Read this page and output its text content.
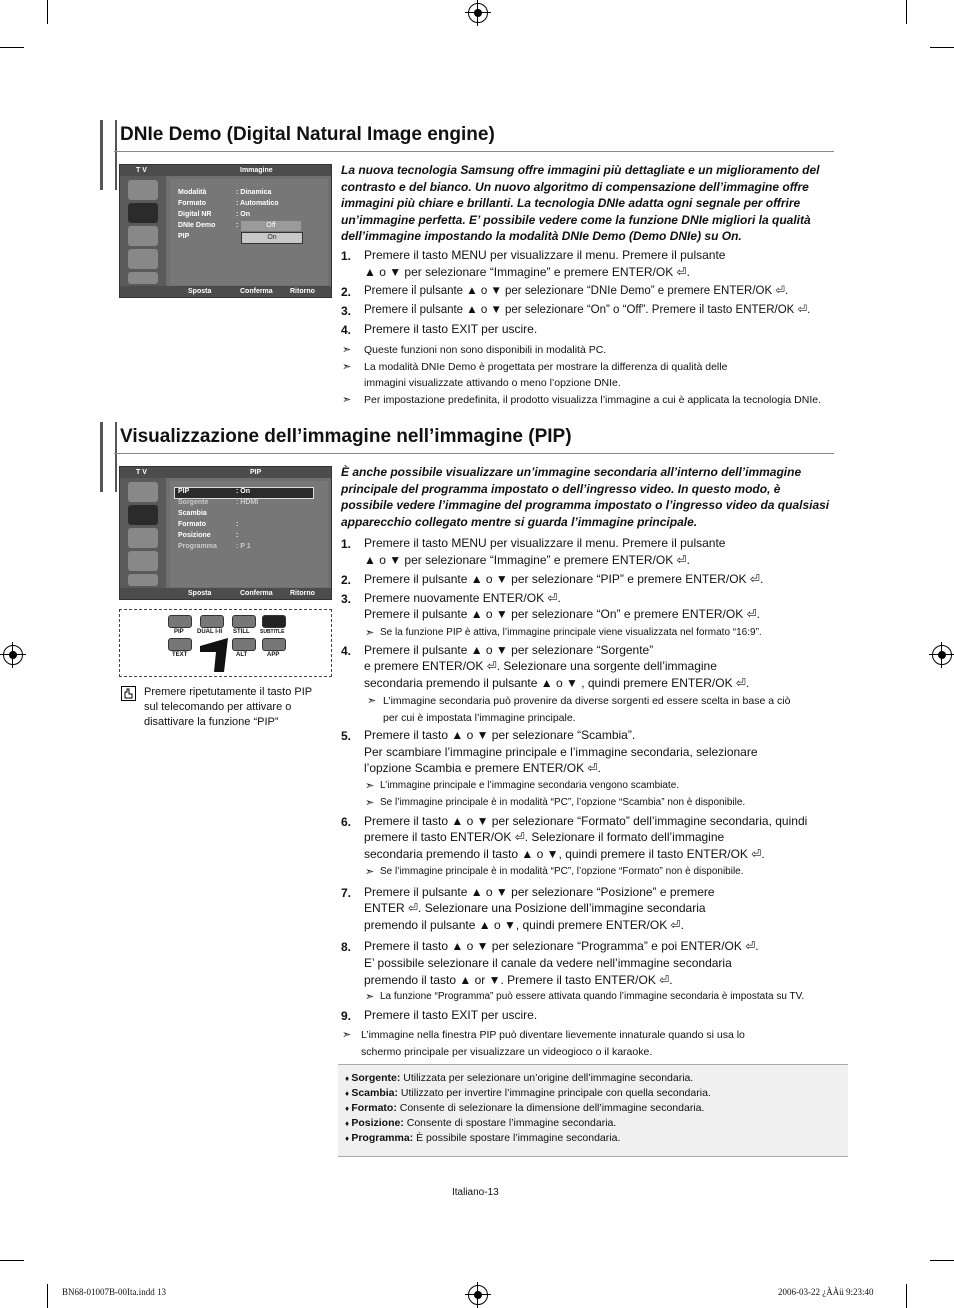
DNIe Demo (Digital Natural Image engine)
T V	Immagine
Modalità	: Dinamica
Formato	: Automatico
Digital NR	: On
DNIe Demo	:
PIP
Off
On
Sposta	Conferma Ritorno
La nuova tecnologia Samsung offre immagini più dettagliate e un miglioramento del contrasto e del bianco. Un nuovo algoritmo di compensazione dell’immagine offre immagini più chiare e brillanti. La tecnologia DNIe adatta ogni segnale per offrire un’immagine perfetta. E’ possibile vedere come la funzione DNIe migliori la qualità dell’immagine impostando la modalità DNIe Demo (Demo DNIe) su On.
1. Premere il tasto MENU per visualizzare il menu. Premere il pulsante
▲ o ▼ per selezionare “Immagine” e premere ENTER/OK ⏎.
2. Premere il pulsante ▲ o ▼ per selezionare “DNIe Demo” e premere ENTER/OK ⏎.
3. Premere il pulsante ▲ o ▼ per selezionare “On” o “Off”. Premere il tasto ENTER/OK ⏎.
4. Premere il tasto EXIT per uscire.
➣ Queste funzioni non sono disponibili in modalità PC.
➣ La modalità DNIe Demo è progettata per mostrare la differenza di qualità delle
immagini visualizzate attivando o meno l’opzione DNIe.
➣ Per impostazione predefinita, il prodotto visualizza l’immagine a cui è applicata la tecnologia DNIe.
Visualizzazione dell’immagine nell’immagine (PIP)
T V	PIP
PIP	: On
Sorgente	: HDMI
Scambia
Formato	:
Posizione	:
Programma	: P 1
Sposta	Conferma Ritorno
PIP DUAL I-II STILL SUBTITLE
TEXT	ALT	APP
Premere ripetutamente il tasto PIP
sul telecomando per attivare o
disattivare la funzione “PIP”
È anche possibile visualizzare un’immagine secondaria all’interno dell’immagine principale del programma impostato o dell’ingresso video. In questo modo, è possibile vedere l’immagine del programma impostato o l’ingresso video da qualsiasi apparecchio collegato mentre si guarda l’immagine principale.
1. Premere il tasto MENU per visualizzare il menu. Premere il pulsante
▲ o ▼ per selezionare “Immagine” e premere ENTER/OK ⏎.
2. Premere il pulsante ▲ o ▼ per selezionare “PIP” e premere ENTER/OK ⏎.
3. Premere nuovamente ENTER/OK ⏎.
Premere il pulsante ▲ o ▼ per selezionare “On” e premere ENTER/OK ⏎.
4. Premere il pulsante ▲ o ▼ per selezionare “Sorgente”
e premere ENTER/OK ⏎. Selezionare una sorgente dell’immagine
secondaria premendo il pulsante ▲ o ▼ , quindi premere ENTER/OK ⏎.
5. Premere il tasto ▲ o ▼ per selezionare “Scambia”.
Per scambiare l’immagine principale e l’immagine secondaria, selezionare
l’opzione Scambia e premere ENTER/OK ⏎.
6. Premere il tasto ▲ o ▼ per selezionare “Formato” dell’immagine secondaria, quindi
premere il tasto ENTER/OK ⏎. Selezionare il formato dell’immagine
secondaria premendo il tasto ▲ o ▼, quindi premere il tasto ENTER/OK ⏎.
7. Premere il pulsante ▲ o ▼ per selezionare “Posizione” e premere
ENTER ⏎. Selezionare una Posizione dell’immagine secondaria
premendo il pulsante ▲ o ▼, quindi premere ENTER/OK ⏎.
8. Premere il tasto ▲ o ▼ per selezionare “Programma” e poi ENTER/OK ⏎.
E’ possibile selezionare il canale da vedere nell’immagine secondaria
premendo il tasto ▲ or ▼. Premere il tasto ENTER/OK ⏎.
9. Premere il tasto EXIT per uscire.
➣ Se la funzione PIP è attiva, l’immagine principale viene visualizzata nel formato “16:9”.
➣ L’immagine secondaria può provenire da diverse sorgenti ed essere scelta in base a ciò
per cui è impostata l’immagine principale.
➣ L’immagine principale e l’immagine secondaria vengono scambiate.
➣ Se l’immagine principale è in modalità “PC”, l’opzione “Scambia” non è disponibile.
➣ Se l’immagine principale è in modalità “PC”, l’opzione “Formato” non è disponibile.
➣ La funzione “Programma” può essere attivata quando l’immagine secondaria è impostata su TV.
➣ L’immagine nella finestra PIP può diventare lievemente innaturale quando si usa lo
schermo principale per visualizzare un videogioco o il karaoke.
♦ Sorgente: Utilizzata per selezionare un’origine dell’immagine secondaria.
♦ Scambia: Utilizzato per invertire l’immagine principale con quella secondaria.
♦ Formato: Consente di selezionare la dimensione dell’immagine secondaria.
♦ Posizione: Consente di spostare l’immagine secondaria.
♦ Programma: È possibile spostare l’immagine secondaria.
Italiano-13
BN68-01007B-00Ita.indd 13	2006-03-22 ¿ÀÀü 9:23:40
